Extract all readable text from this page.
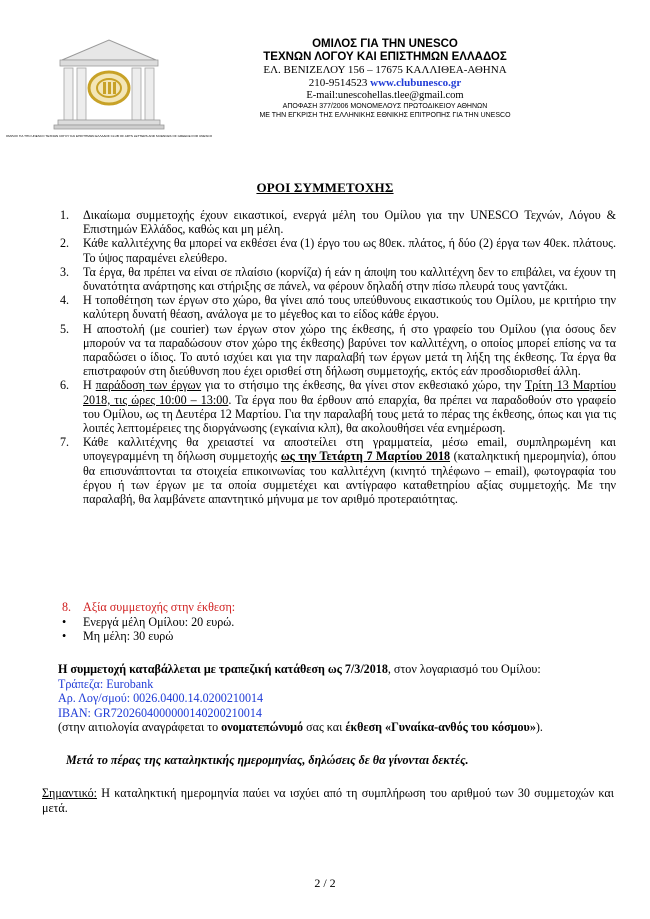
ΟΜΙΛΟΣ ΓΙΑ ΤΗΝ UNESCO ΤΕΧΝΩΝ ΛΟΓΟΥ ΚΑΙ ΕΠΙΣΤΗΜΩΝ ΕΛΛΑΔΟΣ CLUB OF ARTS LETTERS AND SCIENCES OF GREECE FOR UNESCO
ΟΜΙΛΟΣ ΓΙΑ ΤΗΝ UNESCO
ΤΕΧΝΩΝ ΛΟΓΟΥ ΚΑΙ ΕΠΙΣΤΗΜΩΝ ΕΛΛΑΔΟΣ
ΕΛ. ΒΕΝΙΖΕΛΟΥ 156 – 17675 ΚΑΛΛΙΘΕΑ-ΑΘΗΝΑ
210-9514523 www.clubunesco.gr
E-mail:unescohellas.tlee@gmail.com
ΑΠΟΦΑΣΗ 377/2006 ΜΟΝΟΜΕΛΟΥΣ ΠΡΩΤΟΔΙΚΕΙΟΥ ΑΘΗΝΩΝ
ΜΕ ΤΗΝ ΕΓΚΡΙΣΗ ΤΗΣ ΕΛΛΗΝΙΚΗΣ ΕΘΝΙΚΗΣ ΕΠΙΤΡΟΠΗΣ ΓΙΑ ΤΗΝ UNESCO
ΟΡΟΙ ΣΥΜΜΕΤΟΧΗΣ
1. Δικαίωμα συμμετοχής έχουν εικαστικοί, ενεργά μέλη του Ομίλου για την UNESCO Τεχνών, Λόγου & Επιστημών Ελλάδος, καθώς και μη μέλη.
2. Κάθε καλλιτέχνης θα μπορεί να εκθέσει ένα (1) έργο του ως 80εκ. πλάτος, ή δύο (2) έργα των 40εκ. πλάτους. Το ύψος παραμένει ελεύθερο.
3. Τα έργα, θα πρέπει να είναι σε πλαίσιο (κορνίζα) ή εάν η άποψη του καλλιτέχνη δεν το επιβάλει, να έχουν τη δυνατότητα ανάρτησης και στήριξης σε πάνελ, να φέρουν δηλαδή στην πίσω πλευρά τους γαντζάκι.
4. Η τοποθέτηση των έργων στο χώρο, θα γίνει από τους υπεύθυνους εικαστικούς του Ομίλου, με κριτήριο την καλύτερη δυνατή θέαση, ανάλογα με το μέγεθος και το είδος κάθε έργου.
5. Η αποστολή (με courier) των έργων στον χώρο της έκθεσης, ή στο γραφείο του Ομίλου (για όσους δεν μπορούν να τα παραδώσουν στον χώρο της έκθεσης) βαρύνει τον καλλιτέχνη, ο οποίος μπορεί επίσης να τα παραδώσει ο ίδιος. Το αυτό ισχύει και για την παραλαβή των έργων μετά τη λήξη της έκθεσης. Τα έργα θα επιστραφούν στη διεύθυνση που έχει ορισθεί στη δήλωση συμμετοχής, εκτός εάν προσδιορισθεί άλλη.
6. Η παράδοση των έργων για το στήσιμο της έκθεσης, θα γίνει στον εκθεσιακό χώρο, την Τρίτη 13 Μαρτίου 2018, τις ώρες 10:00 – 13:00. Τα έργα που θα έρθουν από επαρχία, θα πρέπει να παραδοθούν στο γραφείο του Ομίλου, ως τη Δευτέρα 12 Μαρτίου. Για την παραλαβή τους μετά το πέρας της έκθεσης, όπως και για τις λοιπές λεπτομέρειες της διοργάνωσης (εγκαίνια κλπ), θα ακολουθήσει νέα ενημέρωση.
7. Κάθε καλλιτέχνης θα χρειαστεί να αποστείλει στη γραμματεία, μέσω email, συμπληρωμένη και υπογεγραμμένη τη δήλωση συμμετοχής ως την Τετάρτη 7 Μαρτίου 2018 (καταληκτική ημερομηνία), όπου θα επισυνάπτονται τα στοιχεία επικοινωνίας του καλλιτέχνη (κινητό τηλέφωνο – email), φωτογραφία του έργου ή των έργων με τα οποία συμμετέχει και αντίγραφο καταθετηρίου αξίας συμμετοχής. Με την παραλαβή, θα λαμβάνετε απαντητικό μήνυμα με τον αριθμό προτεραιότητας.
8. Αξία συμμετοχής στην έκθεση:
• Ενεργά μέλη Ομίλου: 20 ευρώ.
• Μη μέλη: 30 ευρώ
Η συμμετοχή καταβάλλεται με τραπεζική κατάθεση ως 7/3/2018, στον λογαριασμό του Ομίλου:
Τράπεζα: Eurobank
Αρ. Λογ/σμού: 0026.0400.14.0200210014
IBAN: GR7202604000000140200210014
(στην αιτιολογία αναγράφεται το ονοματεπώνυμό σας και έκθεση «Γυναίκα-ανθός του κόσμου»).
Μετά το πέρας της καταληκτικής ημερομηνίας, δηλώσεις δε θα γίνονται δεκτές.
Σημαντικό: Η καταληκτική ημερομηνία παύει να ισχύει από τη συμπλήρωση του αριθμού των 30 συμμετοχών και μετά.
2 / 2
